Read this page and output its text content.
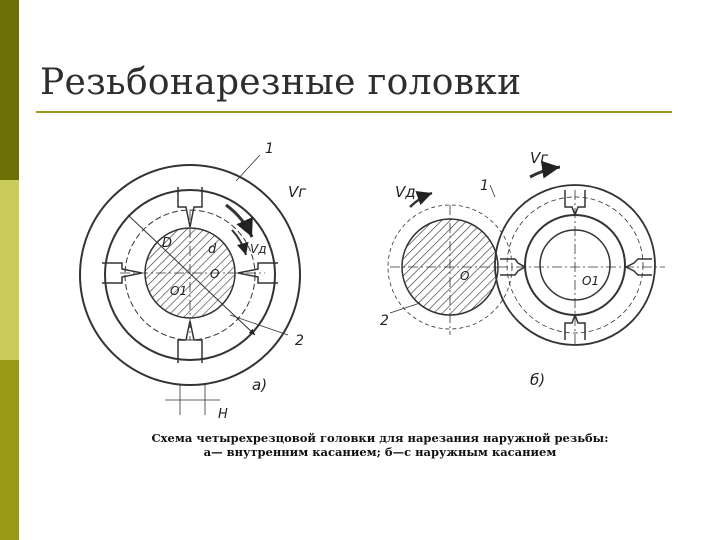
Резьбонарезные головки
1
2
Vг
Vд
D	d
O
O1
H
а)
1
2
Vг
Vд
O	O1
б)
Схема четырехрезцовой головки для нарезания наружной резьбы:
а— внутренним касанием; б—с наружным касанием
